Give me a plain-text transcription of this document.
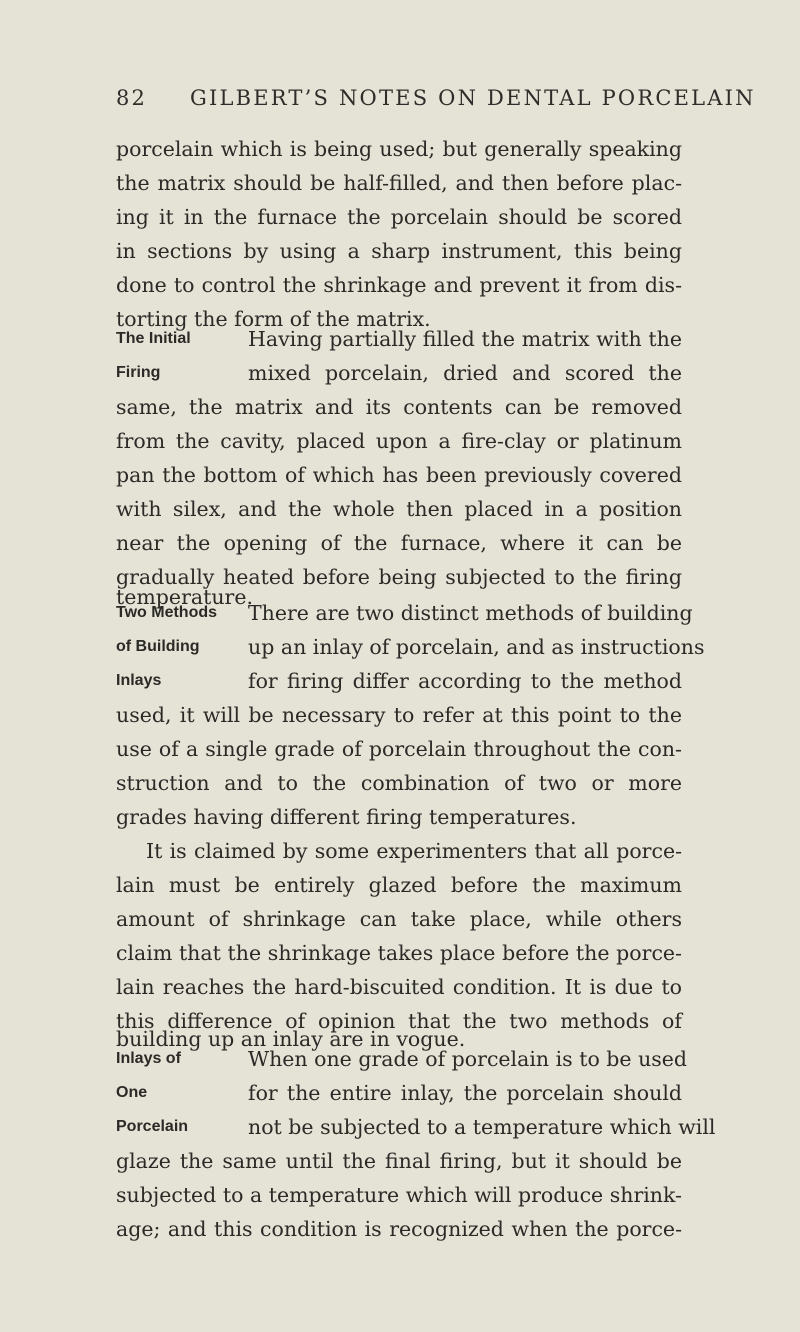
82 GILBERT’S NOTES ON DENTAL PORCELAIN
The Initial
Firing
Two Methods
of Building
Inlays
Inlays of
One
Porcelain
porcelain which is being used; but generally speaking
the matrix should be half-filled, and then before plac-
ing it in the furnace the porcelain should be scored
in sections by using a sharp instrument, this being
done to control the shrinkage and prevent it from dis-
torting the form of the matrix.
Having partially filled the matrix with the
mixed porcelain, dried and scored the
same, the matrix and its contents can be removed
from the cavity, placed upon a fire-clay or platinum
pan the bottom of which has been previously covered
with silex, and the whole then placed in a position
near the opening of the furnace, where it can be
gradually heated before being subjected to the firing
temperature.
There are two distinct methods of building
up an inlay of porcelain, and as instructions
for firing differ according to the method
used, it will be necessary to refer at this point to the
use of a single grade of porcelain throughout the con-
struction and to the combination of two or more
grades having different firing temperatures.
It is claimed by some experimenters that all porce-
lain must be entirely glazed before the maximum
amount of shrinkage can take place, while others
claim that the shrinkage takes place before the porce-
lain reaches the hard-biscuited condition. It is due to
this difference of opinion that the two methods of
building up an inlay are in vogue.
When one grade of porcelain is to be used
for the entire inlay, the porcelain should
not be subjected to a temperature which will
glaze the same until the final firing, but it should be
subjected to a temperature which will produce shrink-
age; and this condition is recognized when the porce-
